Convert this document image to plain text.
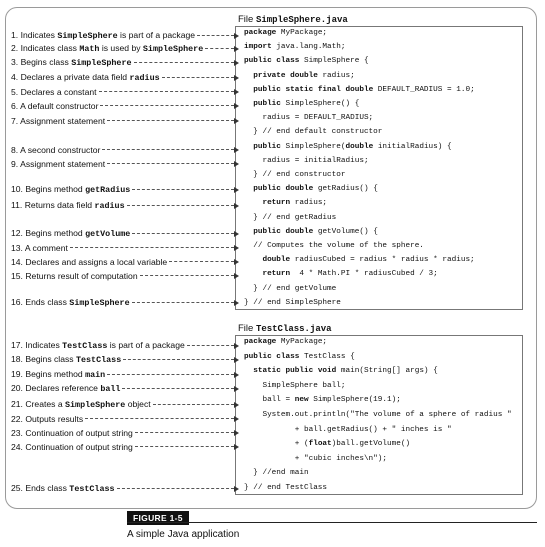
File SimpleSphere.java
1. Indicates SimpleSphere is part of a package
2. Indicates class Math is used by SimpleSphere
3. Begins class SimpleSphere
4. Declares a private data field radius
5. Declares a constant
6. A default constructor
7. Assignment statement
8. A second constructor
9. Assignment statement
10. Begins method getRadius
11. Returns data field radius
12. Begins method getVolume
13. A comment
14. Declares and assigns a local variable
15. Returns result of computation
16. Ends class SimpleSphere
package MyPackage;
import java.lang.Math;
public class SimpleSphere {
private double radius;
public static final double DEFAULT_RADIUS = 1.0;
public SimpleSphere() {
radius = DEFAULT_RADIUS;
} // end default constructor
public SimpleSphere(double initialRadius) {
radius = initialRadius;
} // end constructor
public double getRadius() {
return radius;
} // end getRadius
public double getVolume() {
// Computes the volume of the sphere.
double radiusCubed = radius * radius * radius;
return  4 * Math.PI * radiusCubed / 3;
} // end getVolume
} // end SimpleSphere
File TestClass.java
17. Indicates TestClass is part of a package
18. Begins class TestClass
19. Begins method main
20. Declares reference ball
21. Creates a SimpleSphere object
22. Outputs results
23. Continuation of output string
24. Continuation of output string
25. Ends class TestClass
package MyPackage;
public class TestClass {
static public void main(String[] args) {
SimpleSphere ball;
ball = new SimpleSphere(19.1);
System.out.println("The volume of a sphere of radius "
+ ball.getRadius() + " inches is "
+ (float)ball.getVolume()
+ "cubic inches\n");
} //end main
} // end TestClass
FIGURE 1-5
A simple Java application
